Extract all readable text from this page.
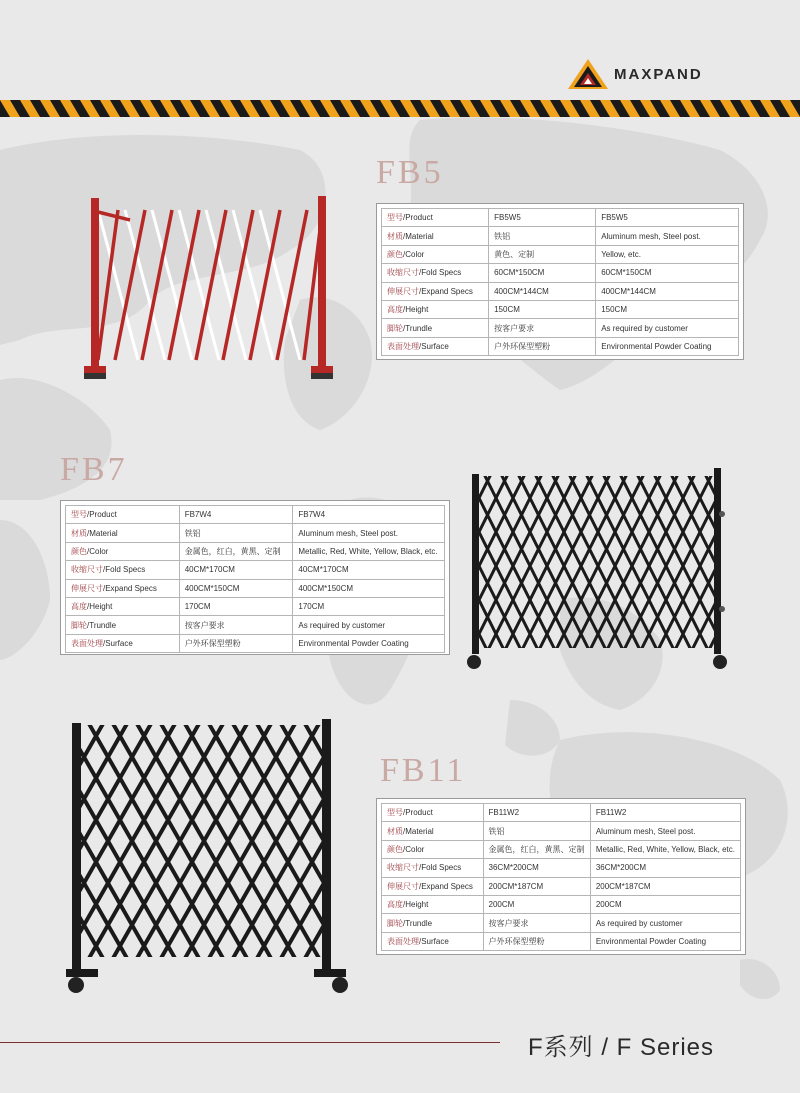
MAXPAND
FB5
FB7
FB11
型号/Product	FB5W5	FB5W5
材质/Material	铁铝	Aluminum mesh, Steel post.
颜色/Color	黄色、定制	Yellow, etc.
收缩尺寸/Fold Specs	60CM*150CM	60CM*150CM
伸展尺寸/Expand Specs	400CM*144CM	400CM*144CM
高度/Height	150CM	150CM
脚轮/Trundle	按客户要求	As required by customer
表面处理/Surface	户外环保型塑粉	Environmental Powder Coating
型号/Product	FB7W4	FB7W4
材质/Material	铁铝	Aluminum mesh, Steel post.
颜色/Color	金属色，红白，黄黑、定制	Metallic, Red, White, Yellow, Black, etc.
收缩尺寸/Fold Specs	40CM*170CM	40CM*170CM
伸展尺寸/Expand Specs	400CM*150CM	400CM*150CM
高度/Height	170CM	170CM
脚轮/Trundle	按客户要求	As required by customer
表面处理/Surface	户外环保型塑粉	Environmental Powder Coating
型号/Product	FB11W2	FB11W2
材质/Material	铁铝	Aluminum mesh, Steel post.
颜色/Color	金属色，红白，黄黑、定制	Metallic, Red, White, Yellow, Black, etc.
收缩尺寸/Fold Specs	36CM*200CM	36CM*200CM
伸展尺寸/Expand Specs	200CM*187CM	200CM*187CM
高度/Height	200CM	200CM
脚轮/Trundle	按客户要求	As required by customer
表面处理/Surface	户外环保型塑粉	Environmental Powder Coating
F系列 / F Series
